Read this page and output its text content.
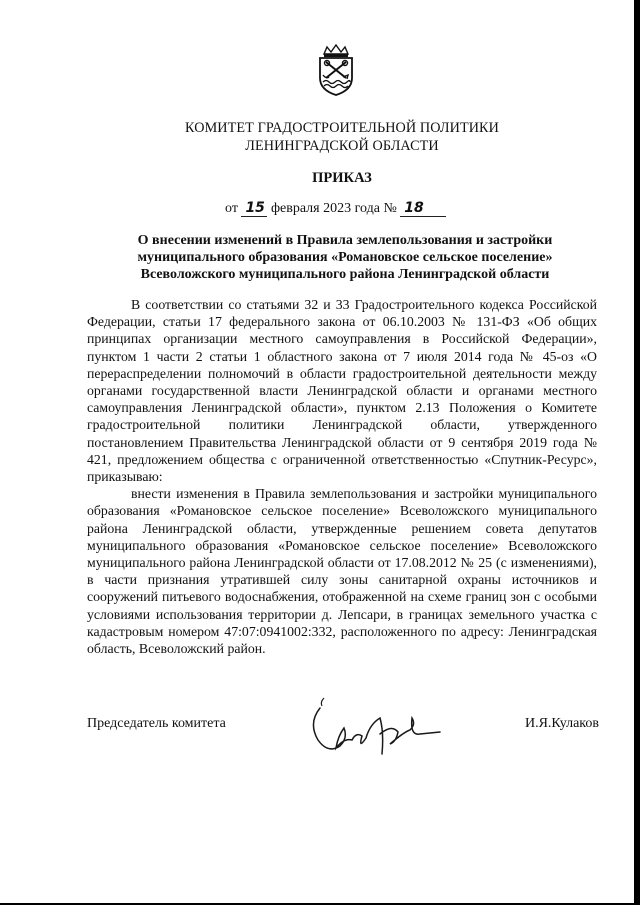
КОМИТЕТ ГРАДОСТРОИТЕЛЬНОЙ ПОЛИТИКИ
ЛЕНИНГРАДСКОЙ ОБЛАСТИ
ПРИКАЗ
от 15 февраля 2023 года № 18
О внесении изменений в Правила землепользования и застройки
муниципального образования «Романовское сельское поселение»
Всеволожского муниципального района Ленинградской области

В соответствии со статьями 32 и 33 Градостроительного кодекса Российской Федерации, статьи 17 федерального закона от 06.10.2003 № 131-ФЗ «Об общих принципах организации местного самоуправления в Российской Федерации», пунктом 1 части 2 статьи 1 областного закона от 7 июля 2014 года № 45-оз «О перераспределении полномочий в области градостроительной деятельности между органами государственной власти Ленинградской области и органами местного самоуправления Ленинградской области», пунктом 2.13 Положения о Комитете градостроительной политики Ленинградской области, утвержденного постановлением Правительства Ленинградской области от 9 сентября 2019 года № 421, предложением общества с ограниченной ответственностью «Спутник-Ресурс», приказываю:

внести изменения в Правила землепользования и застройки муниципального образования «Романовское сельское поселение» Всеволожского муниципального района Ленинградской области, утвержденные решением совета депутатов муниципального образования «Романовское сельское поселение» Всеволожского муниципального района Ленинградской области от 17.08.2012 № 25 (с изменениями), в части признания утратившей силу зоны санитарной охраны источников и сооружений питьевого водоснабжения, отображенной на схеме границ зон с особыми условиями использования территории д. Лепсари, в границах земельного участка с кадастровым номером 47:07:0941002:332, расположенного по адресу: Ленинградская область, Всеволожский район.

Председатель комитета	И.Я.Кулаков
